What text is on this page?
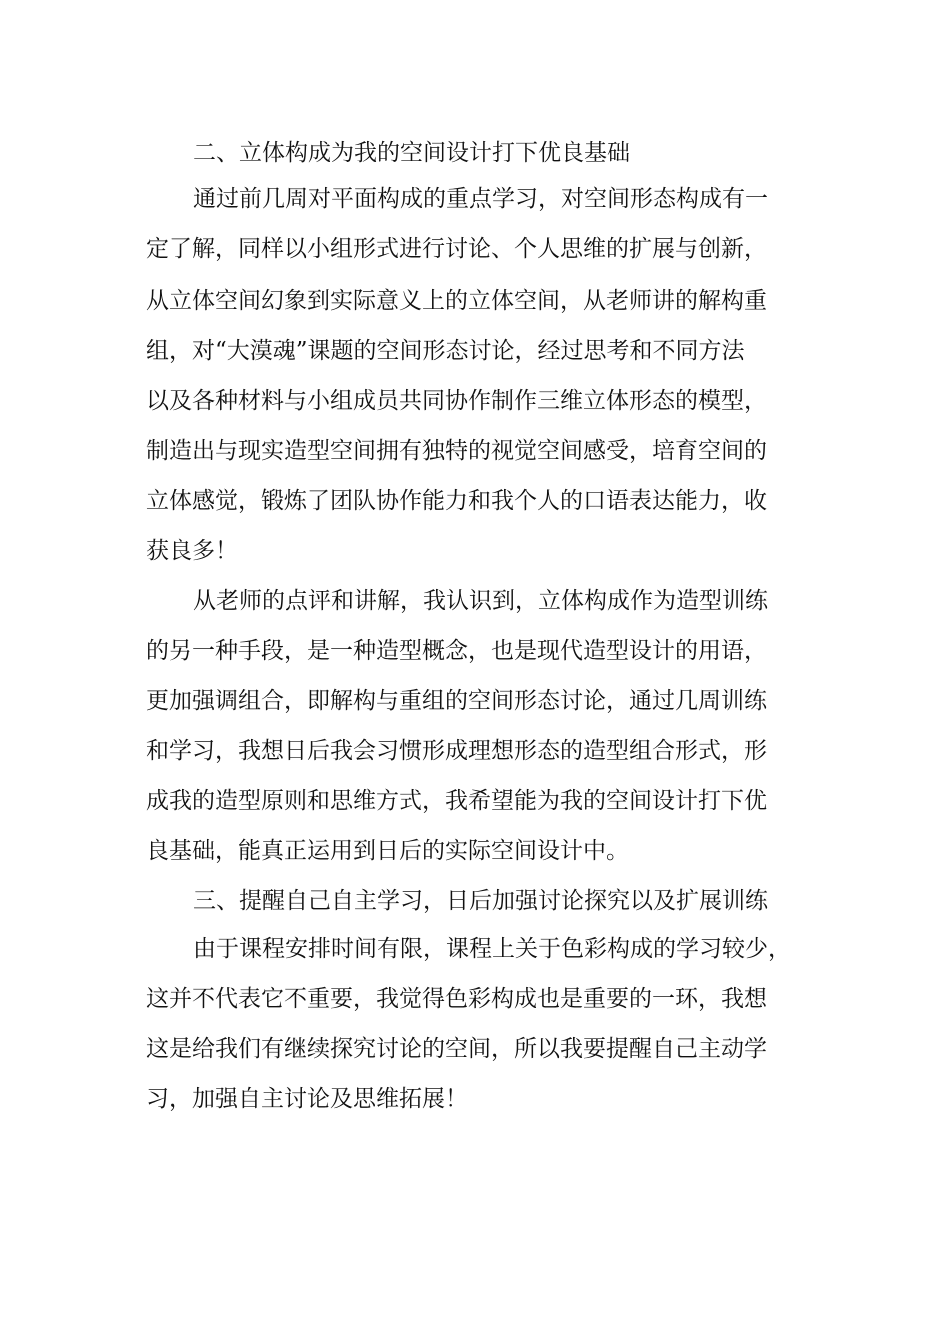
二、立体构成为我的空间设计打下优良基础
通过前几周对平面构成的重点学习，对空间形态构成有一
定了解，同样以小组形式进行讨论、个人思维的扩展与创新，
从立体空间幻象到实际意义上的立体空间，从老师讲的解构重
组，对“大漠魂”课题的空间形态讨论，经过思考和不同方法
以及各种材料与小组成员共同协作制作三维立体形态的模型，
制造出与现实造型空间拥有独特的视觉空间感受，培育空间的
立体感觉，锻炼了团队协作能力和我个人的口语表达能力，收
获良多！
从老师的点评和讲解，我认识到，立体构成作为造型训练
的另一种手段，是一种造型概念，也是现代造型设计的用语，
更加强调组合，即解构与重组的空间形态讨论，通过几周训练
和学习，我想日后我会习惯形成理想形态的造型组合形式，形
成我的造型原则和思维方式，我希望能为我的空间设计打下优
良基础，能真正运用到日后的实际空间设计中。
三、提醒自己自主学习，日后加强讨论探究以及扩展训练
由于课程安排时间有限，课程上关于色彩构成的学习较少，
这并不代表它不重要，我觉得色彩构成也是重要的一环，我想
这是给我们有继续探究讨论的空间，所以我要提醒自己主动学
习，加强自主讨论及思维拓展！
